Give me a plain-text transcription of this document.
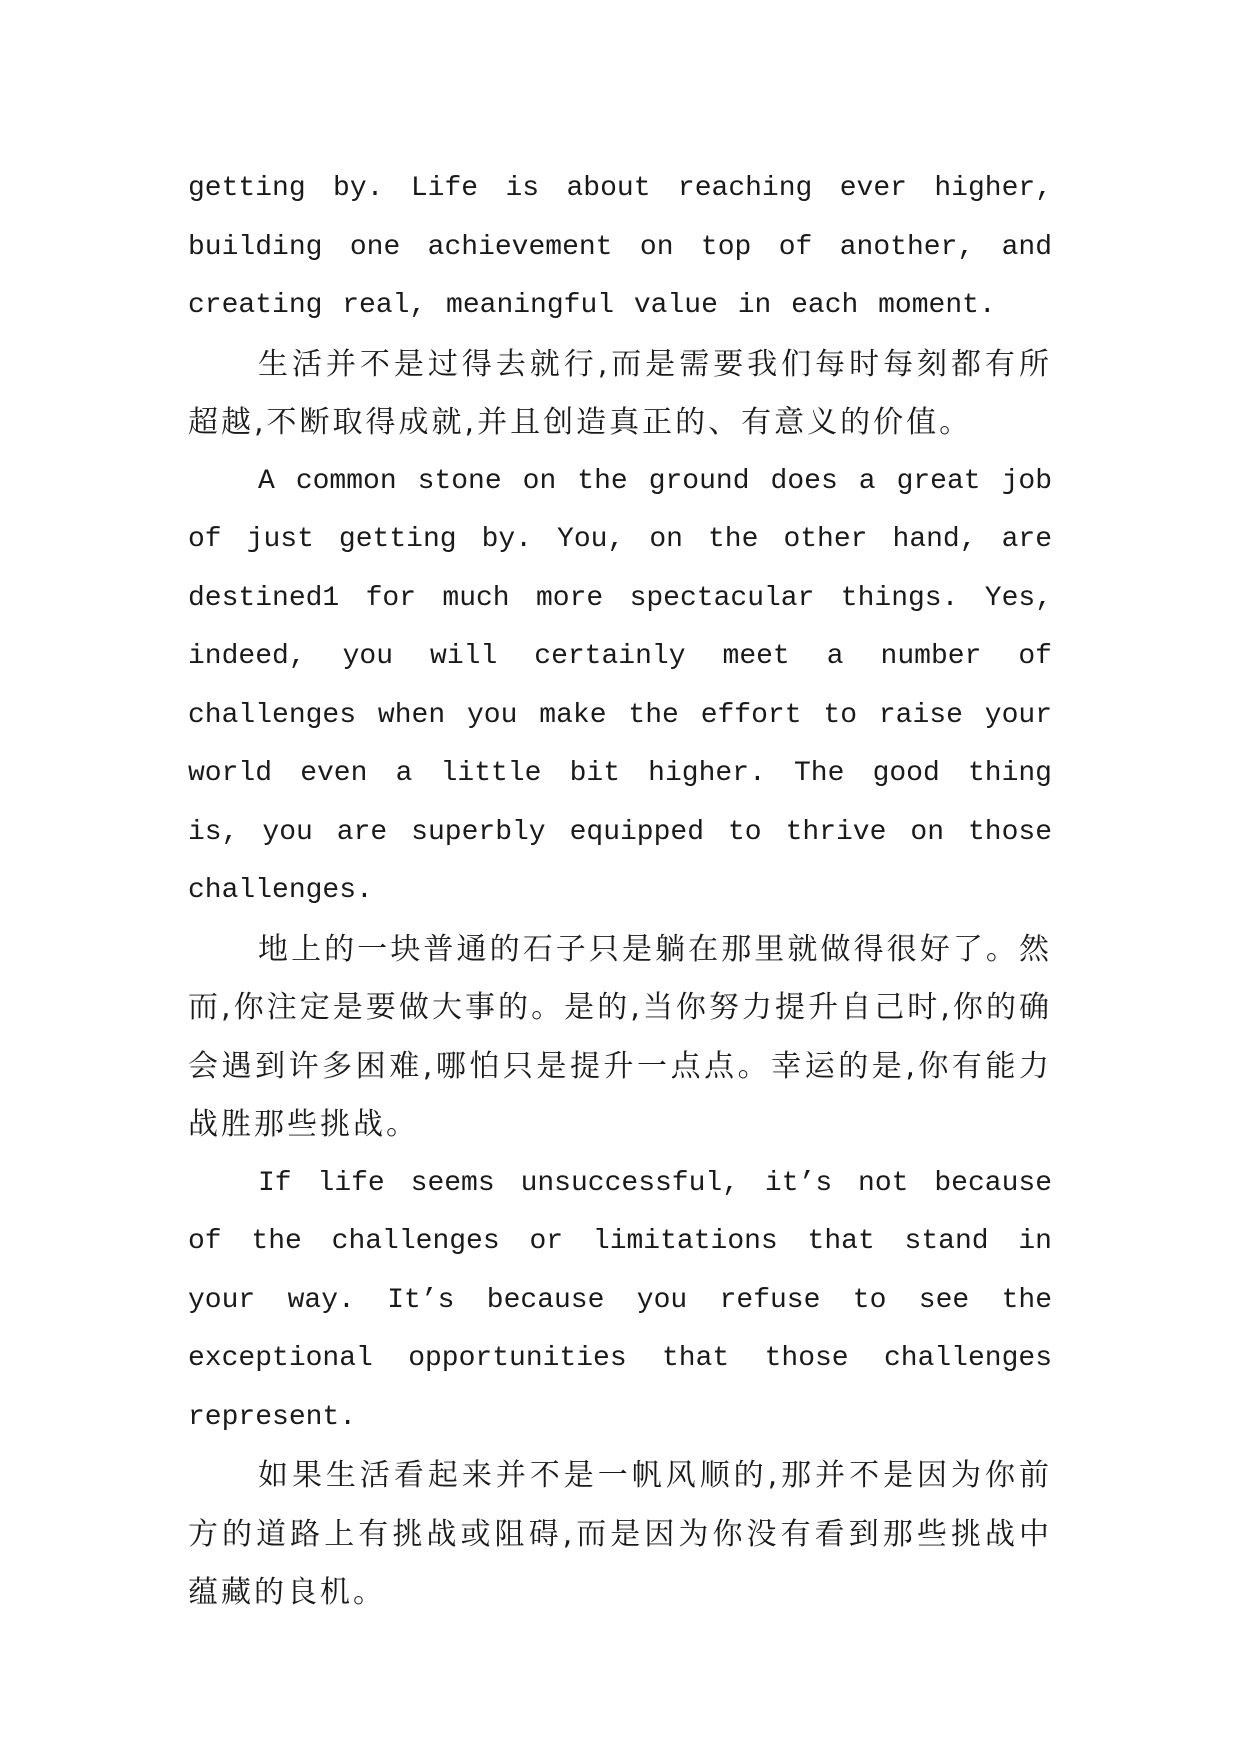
getting by. Life is about reaching ever higher, building one achievement on top of another, and creating real, meaningful value in each moment.

生活并不是过得去就行,而是需要我们每时每刻都有所超越,不断取得成就,并且创造真正的、有意义的价值。

A common stone on the ground does a great job of just getting by. You, on the other hand, are destined1 for much more spectacular things. Yes, indeed, you will certainly meet a number of challenges when you make the effort to raise your world even a little bit higher. The good thing is, you are superbly equipped to thrive on those challenges.

地上的一块普通的石子只是躺在那里就做得很好了。然而,你注定是要做大事的。是的,当你努力提升自己时,你的确会遇到许多困难,哪怕只是提升一点点。幸运的是,你有能力战胜那些挑战。

If life seems unsuccessful, it’s not because of the challenges or limitations that stand in your way. It’s because you refuse to see the exceptional opportunities that those challenges represent.

如果生活看起来并不是一帆风顺的,那并不是因为你前方的道路上有挑战或阻碍,而是因为你没有看到那些挑战中蕴藏的良机。
